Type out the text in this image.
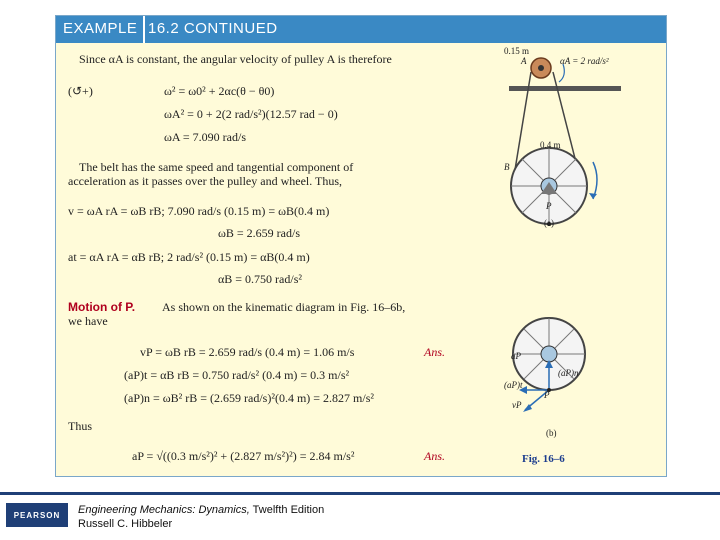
EXAMPLE 16.2 CONTINUED
Since αA is constant, the angular velocity of pulley A is therefore
(↺+)	ω² = ω0² + 2αc(θ − θ0)
ωA² = 0 + 2(2 rad/s²)(12.57 rad − 0)
ωA = 7.090 rad/s
The belt has the same speed and tangential component of
acceleration as it passes over the pulley and wheel. Thus,
v = ωA rA = ωB rB; 7.090 rad/s (0.15 m) = ωB(0.4 m)
ωB = 2.659 rad/s
at = αA rA = αB rB; 2 rad/s² (0.15 m) = αB(0.4 m)
αB = 0.750 rad/s²
Motion of P. As shown on the kinematic diagram in Fig. 16–6b,
we have
vP = ωB rB = 2.659 rad/s (0.4 m) = 1.06 m/s	Ans.
(aP)t = αB rB = 0.750 rad/s² (0.4 m) = 0.3 m/s²
(aP)n = ωB² rB = (2.659 rad/s)²(0.4 m) = 2.827 m/s²
Thus
aP = √((0.3 m/s²)² + (2.827 m/s²)²) = 2.84 m/s²	Ans.
0.15 m
A	αA = 2 rad/s²
0.4 m
B
P
(a)
aP
(aP)n
(aP)t
P
vP
(b)
Fig. 16–6
PEARSON	Engineering Mechanics: Dynamics, Twelfth Edition
Russell C. Hibbeler
